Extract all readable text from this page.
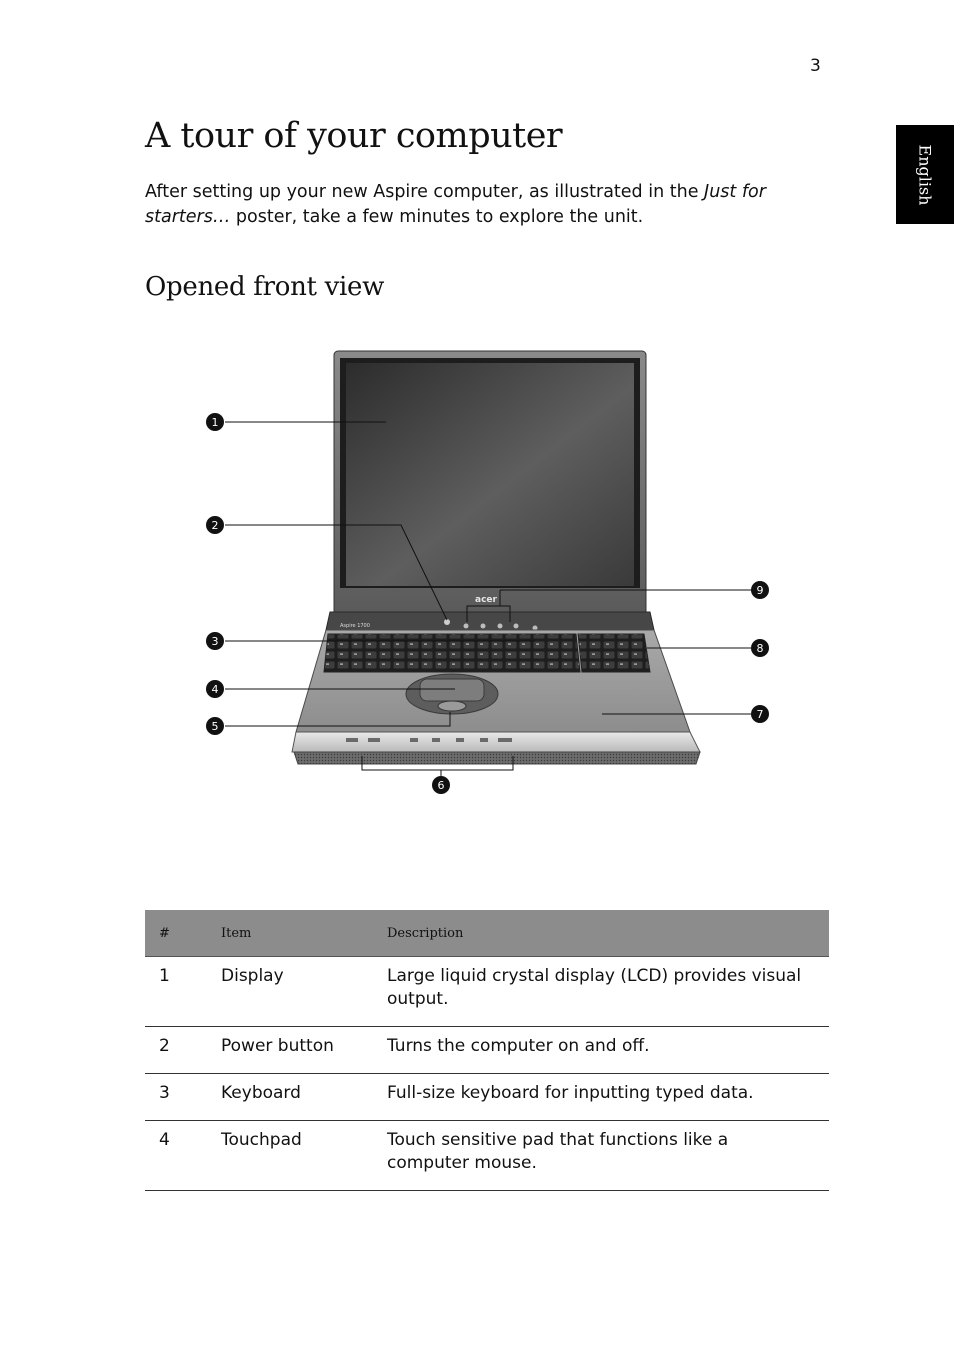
3
English
A tour of your computer

After setting up your new Aspire computer, as illustrated in the Just for starters… poster, take a few minutes to explore the unit.

Opened front view
acer
Aspire 1700
1
2
3
4
5
6
7
8
9
#	Item	Description
1	Display	Large liquid crystal display (LCD) provides visual output.
2	Power button	Turns the computer on and off.
3	Keyboard	Full-size keyboard for inputting typed data.
4	Touchpad	Touch sensitive pad that functions like a computer mouse.
